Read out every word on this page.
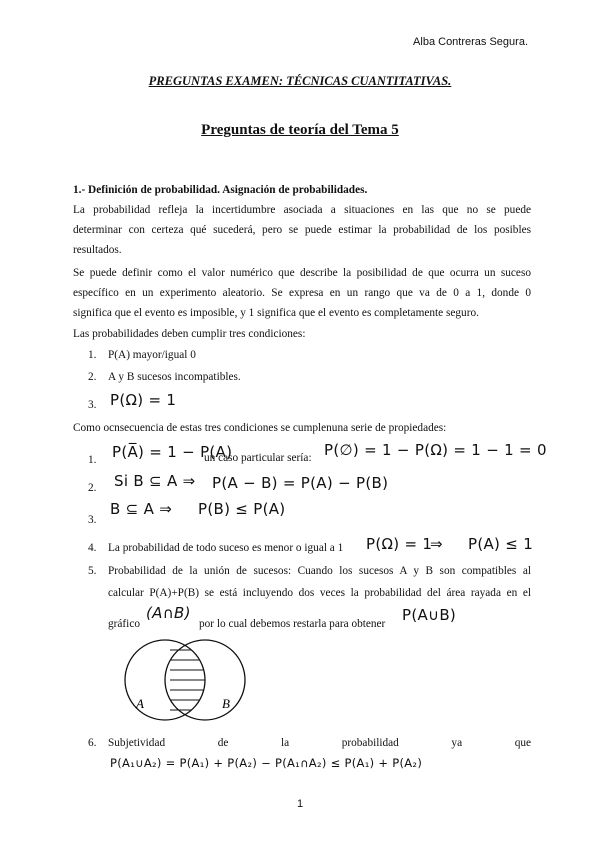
Alba Contreras Segura.
PREGUNTAS EXAMEN: TÉCNICAS CUANTITATIVAS.
Preguntas de teoría del Tema 5
1.- Definición de probabilidad. Asignación de probabilidades.
La probabilidad refleja la incertidumbre asociada a situaciones en las que no se puede
determinar con certeza qué sucederá, pero se puede estimar la probabilidad de los posibles
resultados.
Se puede definir como el valor numérico que describe la posibilidad de que ocurra un suceso
específico en un experimento aleatorio. Se expresa en un rango que va de 0 a 1, donde 0
significa que el evento es imposible, y 1 significa que el evento es completamente seguro.
Las probabilidades deben cumplir tres condiciones:
1. P(A) mayor/igual 0
2. A y B sucesos incompatibles.
3. P(Ω) = 1
Como ocnsecuencia de estas tres condiciones se cumplenuna serie de propiedades:
1. P(A̅) = 1 − P(A)
un caso particular sería: P(∅) = 1 − P(Ω) = 1 − 1 = 0
2. Si B ⊆ A ⇒ P(A − B) = P(A) − P(B)
3.
B ⊆ A ⇒ P(B) ≤ P(A)
4. La probabilidad de todo suceso es menor o igual a 1 P(Ω) = 1
⇒ P(A) ≤ 1
5. Probabilidad de la unión de sucesos: Cuando los sucesos A y B son compatibles al
calcular P(A)+P(B) se está incluyendo dos veces la probabilidad del área rayada en el
gráfico
(A∩B)
por lo cual debemos restarla para obtener P(A∪B)
A	B
6. Subjetividad	de	la	probabilidad	ya	que
P(A₁∪A₂) = P(A₁) + P(A₂) − P(A₁∩A₂) ≤ P(A₁) + P(A₂)
1
